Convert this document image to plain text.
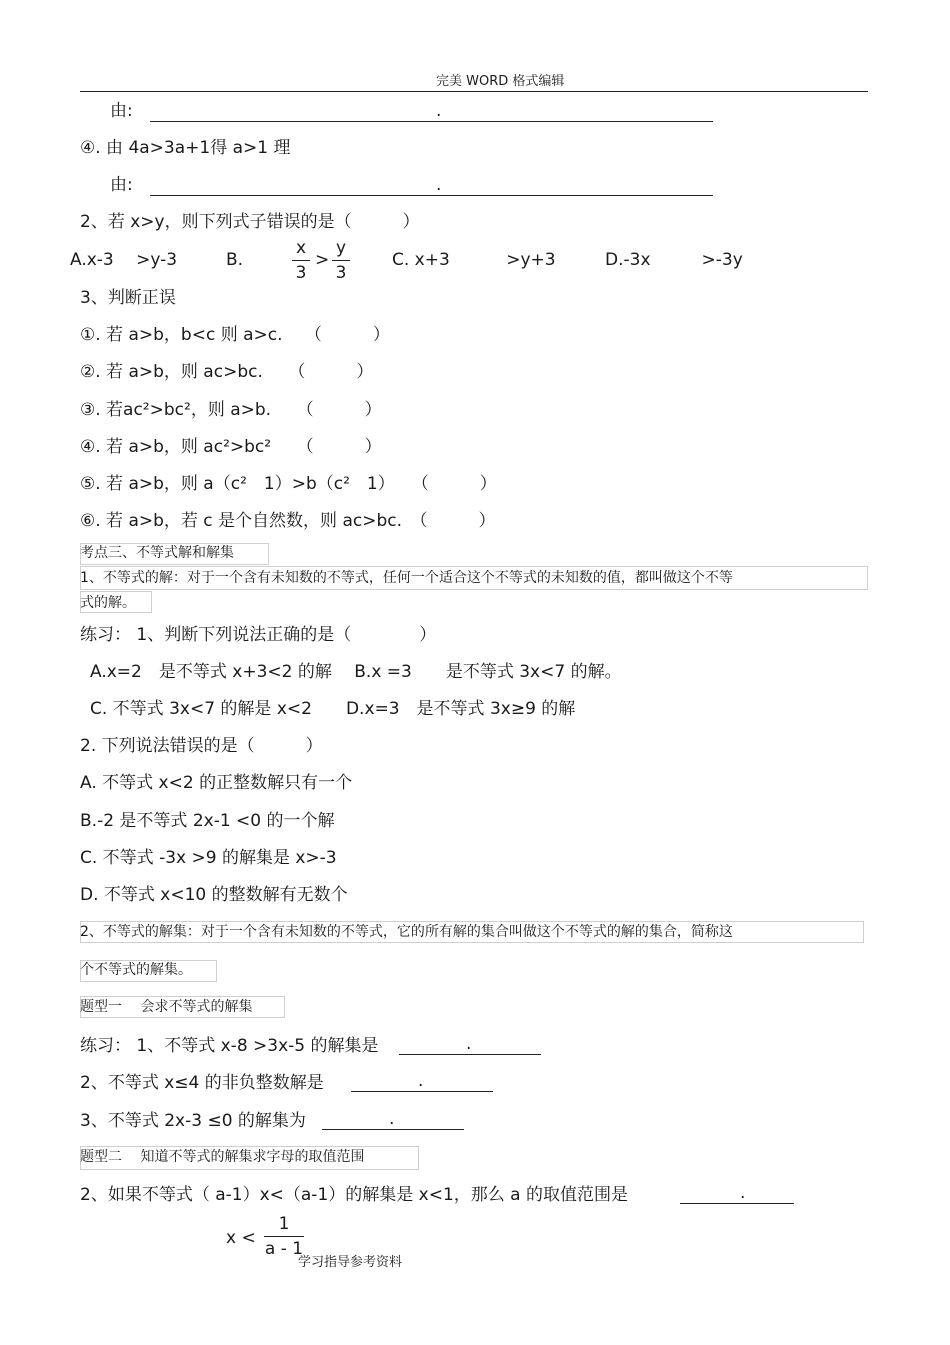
完美 WORD 格式编辑
由:	.
④. 由 4a>3a+1得 a>1 理
由:	.
2、若 x>y，则下列式子错误的是（　　　）
A.x-3　 >y-3	B.
x
3
>
y
3
C. x+3　　　 >y+3	D.-3x　　　>-3y
3、判断正误
①. 若 a>b，b<c 则 a>c.　 （　　　）
②. 若 a>b，则 ac>bc.　　（　　　）
③. 若ac²>bc²，则 a>b.　　（　　　）
④. 若 a>b，则 ac²>bc²　　（　　　）
⑤. 若 a>b，则 a（c²　1）>b（c²　1）　　（　　　）
⑥. 若 a>b，若 c 是个自然数，则 ac>bc.　（　　　）
考点三、不等式解和解集
1、不等式的解：对于一个含有未知数的不等式，任何一个适合这个不等式的未知数的值，都叫做这个不等
式的解。
练习： 1、判断下列说法正确的是（　　　　）
A.x=2　是不等式 x+3<2 的解　 B.x =3　　是不等式 3x<7 的解。
C. 不等式 3x<7 的解是 x<2　　D.x=3　是不等式 3x≥9 的解
2. 下列说法错误的是（　　　）
A. 不等式 x<2 的正整数解只有一个
B.-2 是不等式 2x-1 <0 的一个解
C. 不等式 -3x >9 的解集是 x>-3
D. 不等式 x<10 的整数解有无数个
2、不等式的解集：对于一个含有未知数的不等式，它的所有解的集合叫做这个不等式的解的集合，简称这
个不等式的解集。
题型一　 会求不等式的解集
练习： 1、不等式 x-8 >3x-5 的解集是	.
2、不等式 x≤4 的非负整数解是	.
3、不等式 2x-3 ≤0 的解集为	.
题型二　 知道不等式的解集求字母的取值范围
2、如果不等式（ a-1）x<（a-1）的解集是 x<1，那么 a 的取值范围是	.
x <
1
a - 1
学习指导参考资料
